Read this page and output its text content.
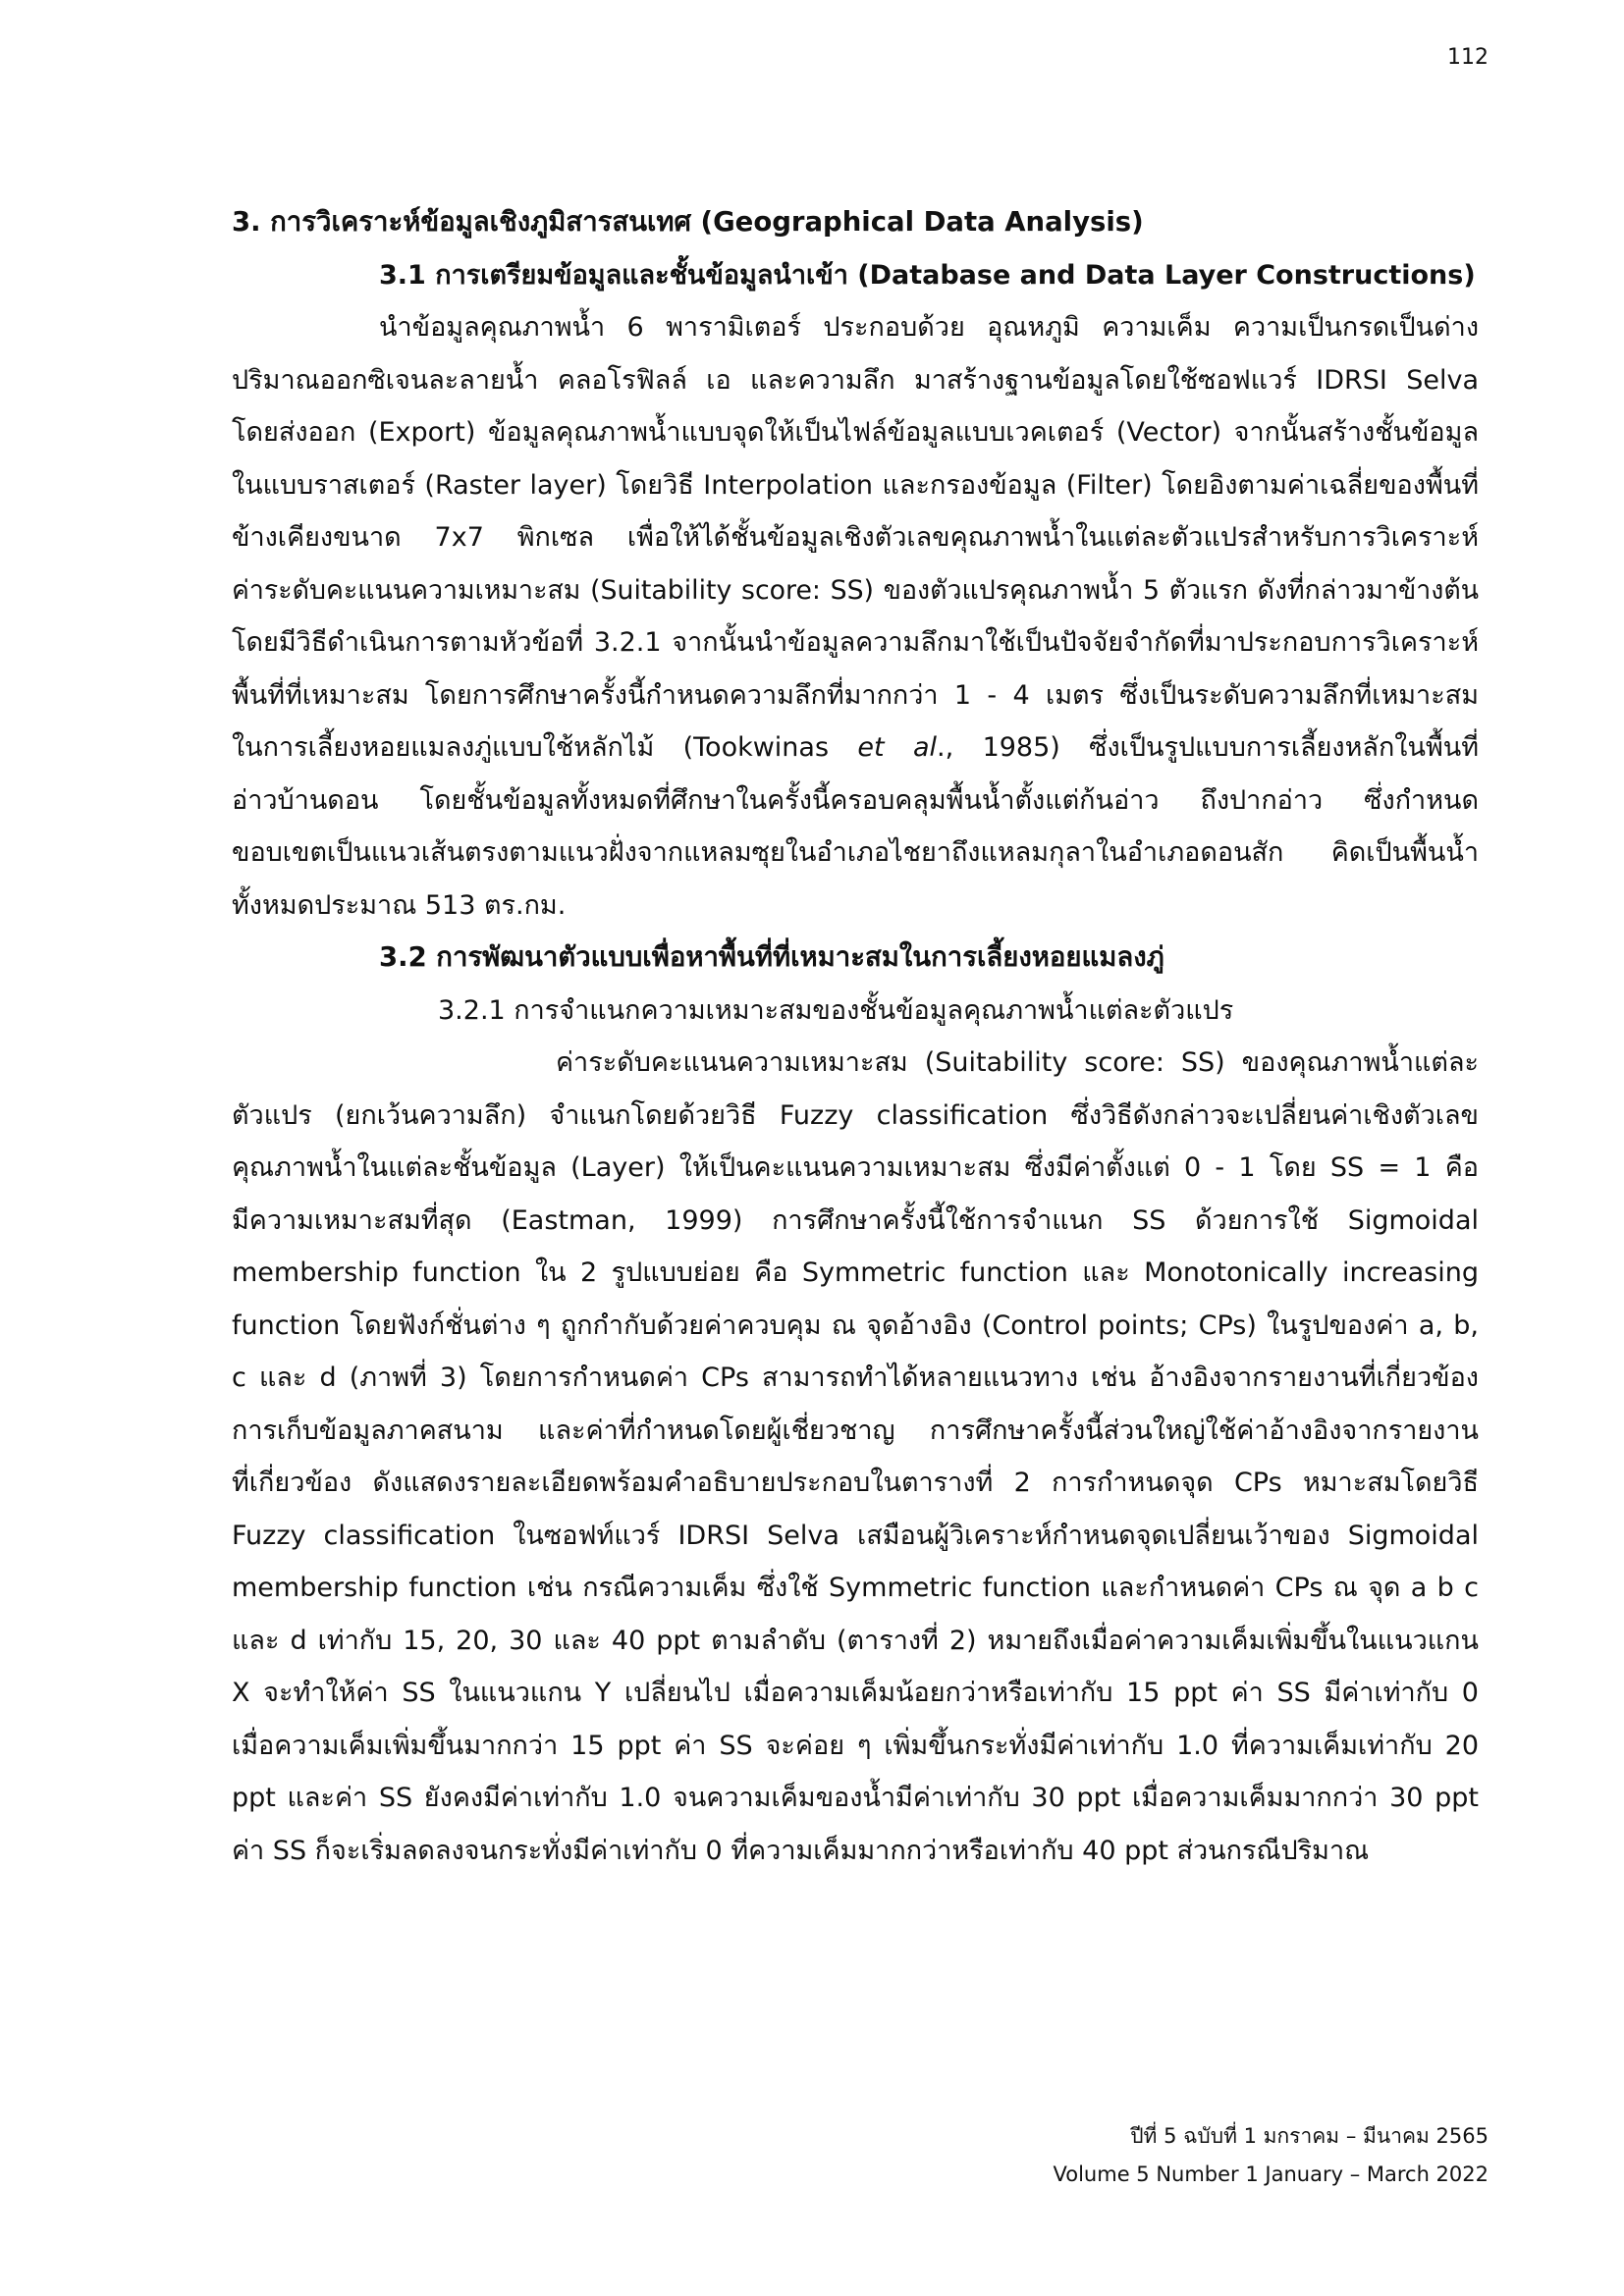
112
3. การวิเคราะห์ข้อมูลเชิงภูมิสารสนเทศ (Geographical Data Analysis)
3.1 การเตรียมข้อมูลและชั้นข้อมูลนำเข้า (Database and Data Layer Constructions)
นำข้อมูลคุณภาพน้ำ 6 พารามิเตอร์ ประกอบด้วย อุณหภูมิ ความเค็ม ความเป็นกรดเป็นด่าง
ปริมาณออกซิเจนละลายน้ำ คลอโรฟิลล์ เอ และความลึก มาสร้างฐานข้อมูลโดยใช้ซอฟแวร์ IDRSI Selva
โดยส่งออก (Export) ข้อมูลคุณภาพน้ำแบบจุดให้เป็นไฟล์ข้อมูลแบบเวคเตอร์ (Vector) จากนั้นสร้างชั้นข้อมูล
ในแบบราสเตอร์ (Raster layer) โดยวิธี Interpolation และกรองข้อมูล (Filter) โดยอิงตามค่าเฉลี่ยของพื้นที่
ข้างเคียงขนาด 7x7 พิกเซล เพื่อให้ได้ชั้นข้อมูลเชิงตัวเลขคุณภาพน้ำในแต่ละตัวแปรสำหรับการวิเคราะห์
ค่าระดับคะแนนความเหมาะสม (Suitability score: SS) ของตัวแปรคุณภาพน้ำ 5 ตัวแรก ดังที่กล่าวมาข้างต้น
โดยมีวิธีดำเนินการตามหัวข้อที่ 3.2.1 จากนั้นนำข้อมูลความลึกมาใช้เป็นปัจจัยจำกัดที่มาประกอบการวิเคราะห์
พื้นที่ที่เหมาะสม โดยการศึกษาครั้งนี้กำหนดความลึกที่มากกว่า 1 - 4 เมตร ซึ่งเป็นระดับความลึกที่เหมาะสม
ในการเลี้ยงหอยแมลงภู่แบบใช้หลักไม้ (Tookwinas et al., 1985) ซึ่งเป็นรูปแบบการเลี้ยงหลักในพื้นที่
อ่าวบ้านดอน โดยชั้นข้อมูลทั้งหมดที่ศึกษาในครั้งนี้ครอบคลุมพื้นน้ำตั้งแต่ก้นอ่าว ถึงปากอ่าว ซึ่งกำหนด
ขอบเขตเป็นแนวเส้นตรงตามแนวฝั่งจากแหลมซุยในอำเภอไชยาถึงแหลมกุลาในอำเภอดอนสัก คิดเป็นพื้นน้ำ
ทั้งหมดประมาณ 513 ตร.กม.
3.2 การพัฒนาตัวแบบเพื่อหาพื้นที่ที่เหมาะสมในการเลี้ยงหอยแมลงภู่
3.2.1 การจำแนกความเหมาะสมของชั้นข้อมูลคุณภาพน้ำแต่ละตัวแปร
ค่าระดับคะแนนความเหมาะสม (Suitability score: SS) ของคุณภาพน้ำแต่ละ
ตัวแปร (ยกเว้นความลึก) จำแนกโดยด้วยวิธี Fuzzy classification ซึ่งวิธีดังกล่าวจะเปลี่ยนค่าเชิงตัวเลข
คุณภาพน้ำในแต่ละชั้นข้อมูล (Layer) ให้เป็นคะแนนความเหมาะสม ซึ่งมีค่าตั้งแต่ 0 - 1 โดย SS = 1 คือ
มีความเหมาะสมที่สุด (Eastman, 1999) การศึกษาครั้งนี้ใช้การจำแนก SS ด้วยการใช้ Sigmoidal
membership function ใน 2 รูปแบบย่อย คือ Symmetric function และ Monotonically increasing
function โดยฟังก์ชั่นต่าง ๆ ถูกกำกับด้วยค่าควบคุม ณ จุดอ้างอิง (Control points; CPs) ในรูปของค่า a, b,
c และ d (ภาพที่ 3) โดยการกำหนดค่า CPs สามารถทำได้หลายแนวทาง เช่น อ้างอิงจากรายงานที่เกี่ยวข้อง
การเก็บข้อมูลภาคสนาม และค่าที่กำหนดโดยผู้เชี่ยวชาญ การศึกษาครั้งนี้ส่วนใหญ่ใช้ค่าอ้างอิงจากรายงาน
ที่เกี่ยวข้อง ดังแสดงรายละเอียดพร้อมคำอธิบายประกอบในตารางที่ 2 การกำหนดจุด CPs หมาะสมโดยวิธี
Fuzzy classification ในซอฟท์แวร์ IDRSI Selva เสมือนผู้วิเคราะห์กำหนดจุดเปลี่ยนเว้าของ Sigmoidal
membership function เช่น กรณีความเค็ม ซึ่งใช้ Symmetric function และกำหนดค่า CPs ณ จุด a b c
และ d เท่ากับ 15, 20, 30 และ 40 ppt ตามลำดับ (ตารางที่ 2) หมายถึงเมื่อค่าความเค็มเพิ่มขึ้นในแนวแกน
X จะทำให้ค่า SS ในแนวแกน Y เปลี่ยนไป เมื่อความเค็มน้อยกว่าหรือเท่ากับ 15 ppt ค่า SS มีค่าเท่ากับ 0
เมื่อความเค็มเพิ่มขึ้นมากกว่า 15 ppt ค่า SS จะค่อย ๆ เพิ่มขึ้นกระทั่งมีค่าเท่ากับ 1.0 ที่ความเค็มเท่ากับ 20
ppt และค่า SS ยังคงมีค่าเท่ากับ 1.0 จนความเค็มของน้ำมีค่าเท่ากับ 30 ppt เมื่อความเค็มมากกว่า 30 ppt
ค่า SS ก็จะเริ่มลดลงจนกระทั่งมีค่าเท่ากับ 0 ที่ความเค็มมากกว่าหรือเท่ากับ 40 ppt ส่วนกรณีปริมาณ
ปีที่ 5 ฉบับที่ 1 มกราคม – มีนาคม 2565
Volume 5 Number 1 January – March 2022
